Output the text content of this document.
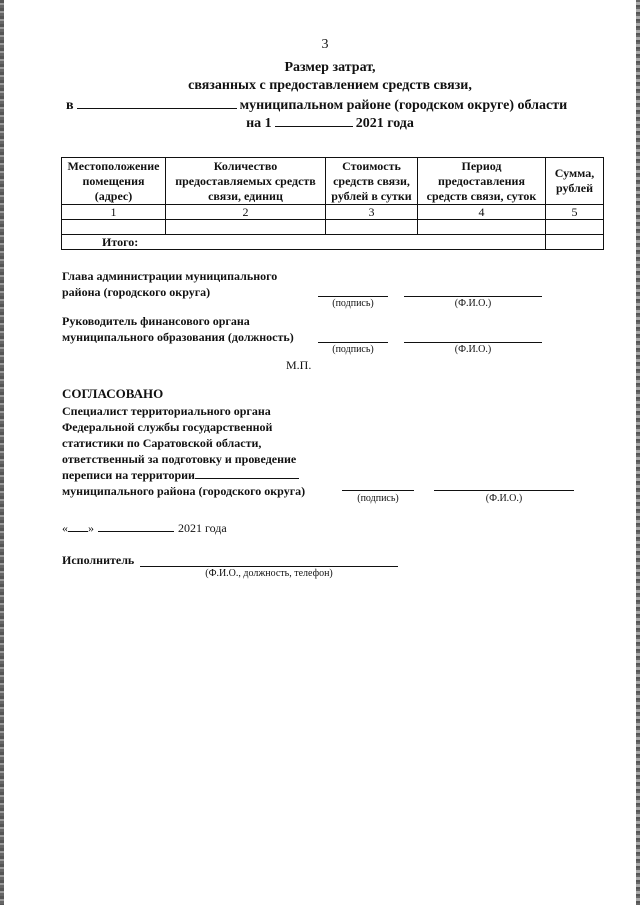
3
Размер затрат,
связанных с предоставлением средств связи,
в	муниципальном районе (городском округе) области
на 1	2021 года
Местоположение помещения (адрес)	Количество предоставляемых средств связи, единиц	Стоимость средств связи, рублей в сутки	Период предоставления средств связи, суток	Сумма, рублей
1	2	3	4	5

Итого:				
Глава администрации муниципального
района (городского округа)
(подпись)	(Ф.И.О.)
Руководитель финансового органа
муниципального образования (должность)
(подпись)	(Ф.И.О.)
М.П.
СОГЛАСОВАНО
Специалист территориального органа
Федеральной службы государственной
статистики по Саратовской области,
ответственный за подготовку и проведение
переписи на территории
муниципального района (городского округа)
(подпись)	(Ф.И.О.)
« »	2021 года
Исполнитель
(Ф.И.О., должность, телефон)
